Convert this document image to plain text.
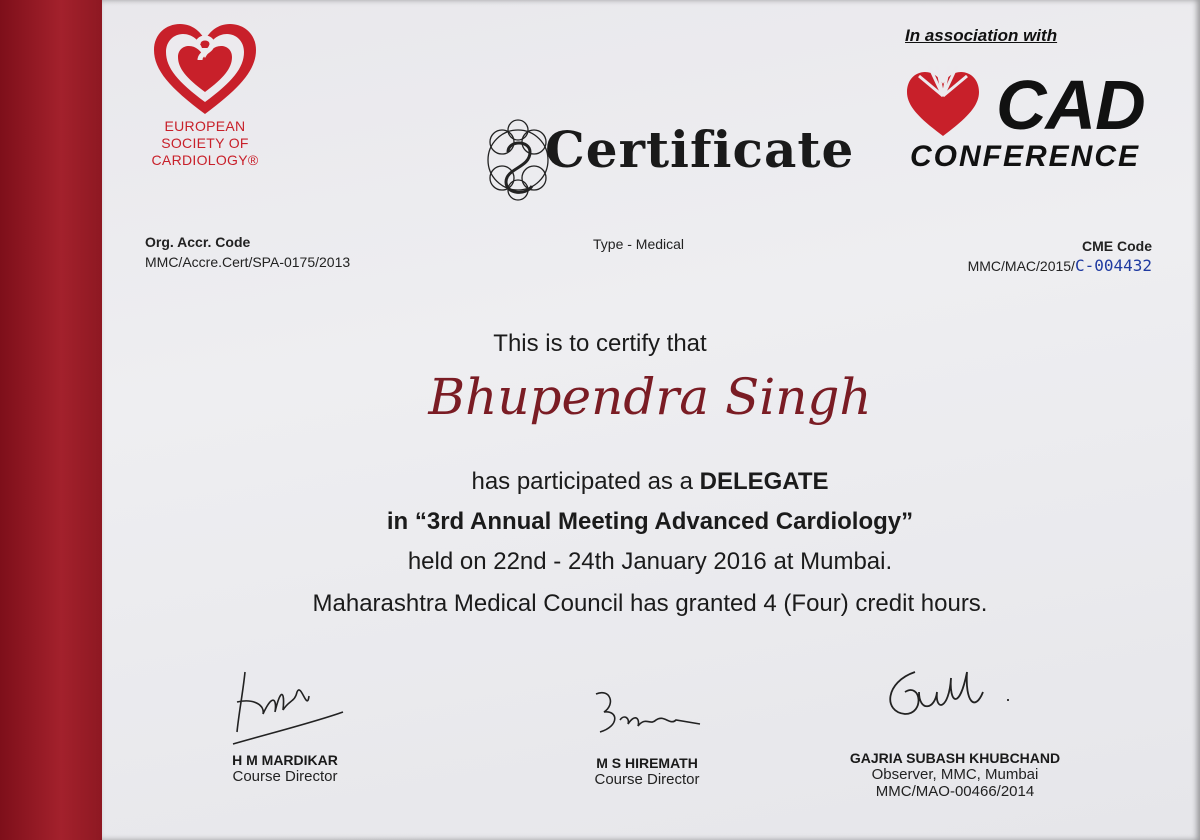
EUROPEAN
SOCIETY OF
CARDIOLOGY®
In association with
CAD
CONFERENCE
Certificate
Org. Accr. Code
MMC/Accre.Cert/SPA-0175/2013
Type - Medical	CME Code
MMC/MAC/2015/C-004432
This is to certify that
Bhupendra Singh
has participated as a DELEGATE
in “3rd Annual Meeting Advanced Cardiology”
held on 22nd - 24th January 2016 at Mumbai.
Maharashtra Medical Council has granted 4 (Four) credit hours.
H M MARDIKAR
Course Director
M S HIREMATH
Course Director
GAJRIA SUBASH KHUBCHAND
Observer, MMC, Mumbai
MMC/MAO-00466/2014
